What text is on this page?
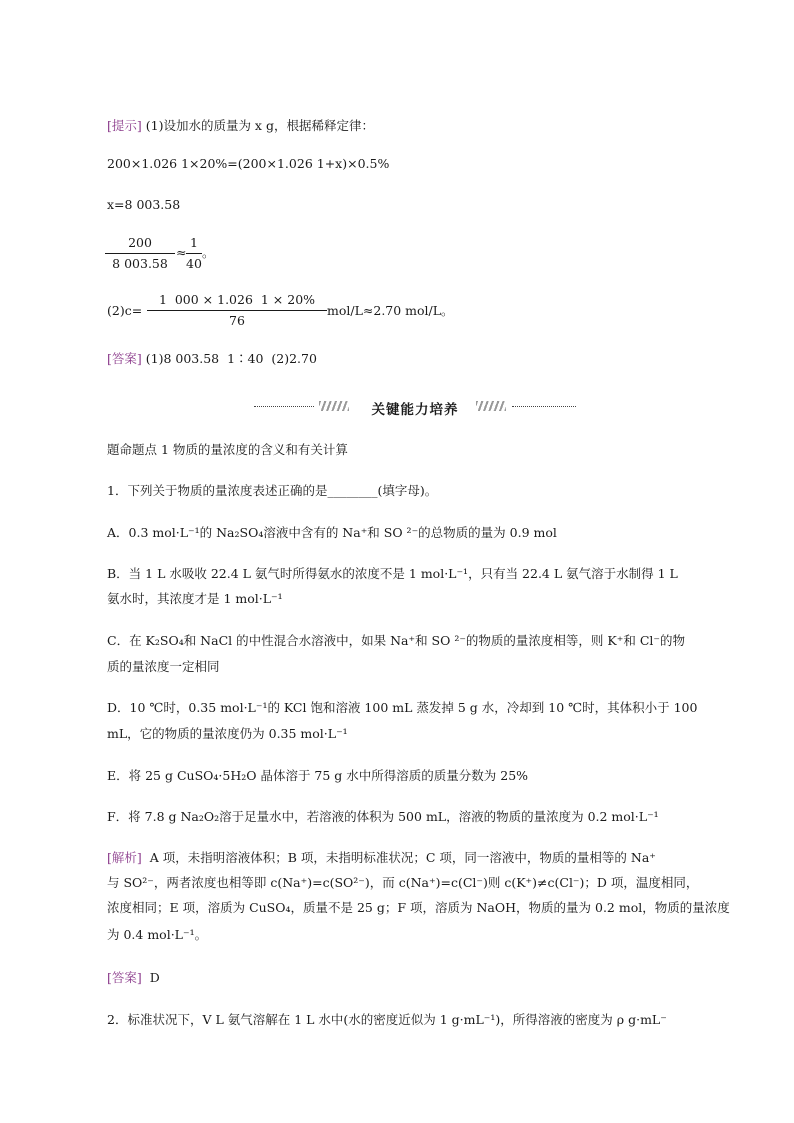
[提示] (1)设加水的质量为 x g，根据稀释定律：
200×1.026 1×20%=(200×1.026 1+x)×0.5%
x=8 003.58
200
8 003.58
≈
1
40
。
(2)c=
1  000 × 1.026  1 × 20%
76
mol/L≈2.70 mol/L。
[答案] (1)8 003.58  1∶40  (2)2.70
关键能力培养
題命题点 1 物质的量浓度的含义和有关计算
1．下列关于物质的量浓度表述正确的是________(填字母)。
A．0.3 mol·L⁻¹的 Na₂SO₄溶液中含有的 Na⁺和 SO ²⁻的总物质的量为 0.9 mol
B．当 1 L 水吸收 22.4 L 氨气时所得氨水的浓度不是 1 mol·L⁻¹，只有当 22.4 L 氨气溶于水制得 1 L
氨水时，其浓度才是 1 mol·L⁻¹
C．在 K₂SO₄和 NaCl 的中性混合水溶液中，如果 Na⁺和 SO ²⁻的物质的量浓度相等，则 K⁺和 Cl⁻的物
质的量浓度一定相同
D．10 ℃时，0.35 mol·L⁻¹的 KCl 饱和溶液 100 mL 蒸发掉 5 g 水，冷却到 10 ℃时，其体积小于 100
mL，它的物质的量浓度仍为 0.35 mol·L⁻¹
E．将 25 g CuSO₄·5H₂O 晶体溶于 75 g 水中所得溶质的质量分数为 25%
F．将 7.8 g Na₂O₂溶于足量水中，若溶液的体积为 500 mL，溶液的物质的量浓度为 0.2 mol·L⁻¹
[解析]  A 项，未指明溶液体积；B 项，未指明标准状况；C 项，同一溶液中，物质的量相等的 Na⁺
与 SO²⁻，两者浓度也相等即 c(Na⁺)=c(SO²⁻)，而 c(Na⁺)=c(Cl⁻)则 c(K⁺)≠c(Cl⁻)；D 项，温度相同，
浓度相同；E 项，溶质为 CuSO₄，质量不是 25 g；F 项，溶质为 NaOH，物质的量为 0.2 mol，物质的量浓度
为 0.4 mol·L⁻¹。
[答案]  D
2．标准状况下，V L 氨气溶解在 1 L 水中(水的密度近似为 1 g·mL⁻¹)，所得溶液的密度为 ρ g·mL⁻
